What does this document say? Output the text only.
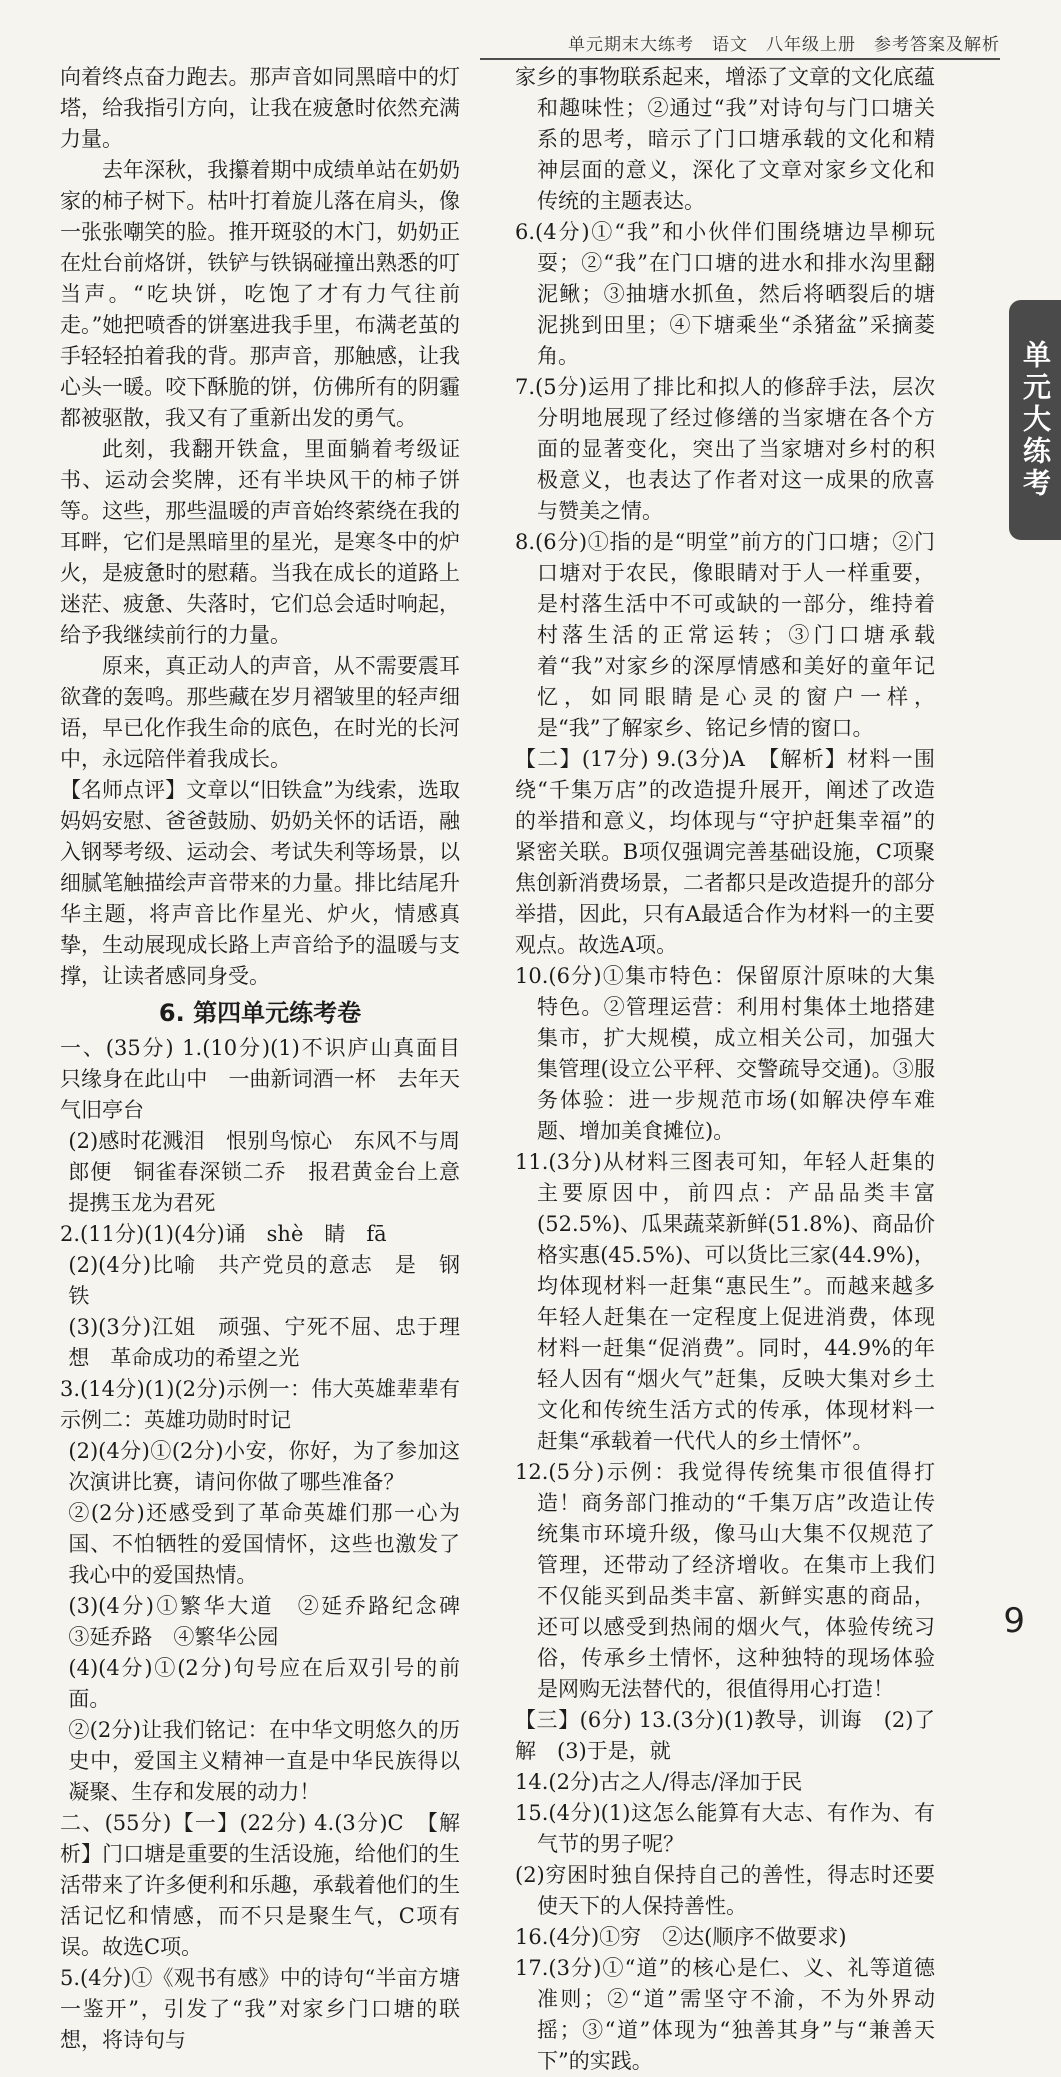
单元期末大练考　语文　八年级上册　参考答案及解析
单元大练考

向着终点奋力跑去。那声音如同黑暗中的灯塔，给我指引方向，让我在疲惫时依然充满力量。

去年深秋，我攥着期中成绩单站在奶奶家的柿子树下。枯叶打着旋儿落在肩头，像一张张嘲笑的脸。推开斑驳的木门，奶奶正在灶台前烙饼，铁铲与铁锅碰撞出熟悉的叮当声。“吃块饼，吃饱了才有力气往前走。”她把喷香的饼塞进我手里，布满老茧的手轻轻拍着我的背。那声音，那触感，让我心头一暖。咬下酥脆的饼，仿佛所有的阴霾都被驱散，我又有了重新出发的勇气。

此刻，我翻开铁盒，里面躺着考级证书、运动会奖牌，还有半块风干的柿子饼等。这些，那些温暖的声音始终萦绕在我的耳畔，它们是黑暗里的星光，是寒冬中的炉火，是疲惫时的慰藉。当我在成长的道路上迷茫、疲惫、失落时，它们总会适时响起，给予我继续前行的力量。

原来，真正动人的声音，从不需要震耳欲聋的轰鸣。那些藏在岁月褶皱里的轻声细语，早已化作我生命的底色，在时光的长河中，永远陪伴着我成长。

【名师点评】文章以“旧铁盒”为线索，选取妈妈安慰、爸爸鼓励、奶奶关怀的话语，融入钢琴考级、运动会、考试失利等场景，以细腻笔触描绘声音带来的力量。排比结尾升华主题，将声音比作星光、炉火，情感真挚，生动展现成长路上声音给予的温暖与支撑，让读者感同身受。

6. 第四单元练考卷

一、(35分) 1.(10分)(1)不识庐山真面目　只缘身在此山中　一曲新词酒一杯　去年天气旧亭台

(2)感时花溅泪　恨别鸟惊心　东风不与周郎便　铜雀春深锁二乔　报君黄金台上意　提携玉龙为君死

2.(11分)(1)(4分)诵　shè　睛　fā

(2)(4分)比喻　共产党员的意志　是　钢铁

(3)(3分)江姐　顽强、宁死不屈、忠于理想　革命成功的希望之光

3.(14分)(1)(2分)示例一：伟大英雄辈辈有　示例二：英雄功勋时时记

(2)(4分)①(2分)小安，你好，为了参加这次演讲比赛，请问你做了哪些准备？

②(2分)还感受到了革命英雄们那一心为国、不怕牺牲的爱国情怀，这些也激发了我心中的爱国热情。

(3)(4分)①繁华大道　②延乔路纪念碑　③延乔路　④繁华公园

(4)(4分)①(2分)句号应在后双引号的前面。

②(2分)让我们铭记：在中华文明悠久的历史中，爱国主义精神一直是中华民族得以凝聚、生存和发展的动力！

二、(55分)【一】(22分) 4.(3分)C　【解析】门口塘是重要的生活设施，给他们的生活带来了许多便利和乐趣，承载着他们的生活记忆和情感，而不只是聚生气，C项有误。故选C项。

5.(4分)①《观书有感》中的诗句“半亩方塘一鉴开”，引发了“我”对家乡门口塘的联想，将诗句与

家乡的事物联系起来，增添了文章的文化底蕴和趣味性；②通过“我”对诗句与门口塘关系的思考，暗示了门口塘承载的文化和精神层面的意义，深化了文章对家乡文化和传统的主题表达。

6.(4分)①“我”和小伙伴们围绕塘边旱柳玩耍；②“我”在门口塘的进水和排水沟里翻泥鳅；③抽塘水抓鱼，然后将晒裂后的塘泥挑到田里；④下塘乘坐“杀猪盆”采摘菱角。

7.(5分)运用了排比和拟人的修辞手法，层次分明地展现了经过修缮的当家塘在各个方面的显著变化，突出了当家塘对乡村的积极意义，也表达了作者对这一成果的欣喜与赞美之情。

8.(6分)①指的是“明堂”前方的门口塘；②门口塘对于农民，像眼睛对于人一样重要，是村落生活中不可或缺的一部分，维持着村落生活的正常运转；③门口塘承载着“我”对家乡的深厚情感和美好的童年记忆，如同眼睛是心灵的窗户一样，是“我”了解家乡、铭记乡情的窗口。

【二】(17分) 9.(3分)A　【解析】材料一围绕“千集万店”的改造提升展开，阐述了改造的举措和意义，均体现与“守护赶集幸福”的紧密关联。B项仅强调完善基础设施，C项聚焦创新消费场景，二者都只是改造提升的部分举措，因此，只有A最适合作为材料一的主要观点。故选A项。

10.(6分)①集市特色：保留原汁原味的大集特色。②管理运营：利用村集体土地搭建集市，扩大规模，成立相关公司，加强大集管理(设立公平秤、交警疏导交通)。③服务体验：进一步规范市场(如解决停车难题、增加美食摊位)。

11.(3分)从材料三图表可知，年轻人赶集的主要原因中，前四点：产品品类丰富(52.5%)、瓜果蔬菜新鲜(51.8%)、商品价格实惠(45.5%)、可以货比三家(44.9%)，均体现材料一赶集“惠民生”。而越来越多年轻人赶集在一定程度上促进消费，体现材料一赶集“促消费”。同时，44.9%的年轻人因有“烟火气”赶集，反映大集对乡土文化和传统生活方式的传承，体现材料一赶集“承载着一代代人的乡土情怀”。

12.(5分)示例：我觉得传统集市很值得打造！商务部门推动的“千集万店”改造让传统集市环境升级，像马山大集不仅规范了管理，还带动了经济增收。在集市上我们不仅能买到品类丰富、新鲜实惠的商品，还可以感受到热闹的烟火气，体验传统习俗，传承乡土情怀，这种独特的现场体验是网购无法替代的，很值得用心打造！

【三】(6分) 13.(3分)(1)教导，训诲　(2)了解　(3)于是，就

14.(2分)古之人/得志/泽加于民

15.(4分)(1)这怎么能算有大志、有作为、有气节的男子呢？

(2)穷困时独自保持自己的善性，得志时还要使天下的人保持善性。

16.(4分)①穷　②达(顺序不做要求)

17.(3分)①“道”的核心是仁、义、礼等道德准则；②“道”需坚守不渝，不为外界动摇；③“道”体现为“独善其身”与“兼善天下”的实践。

9
